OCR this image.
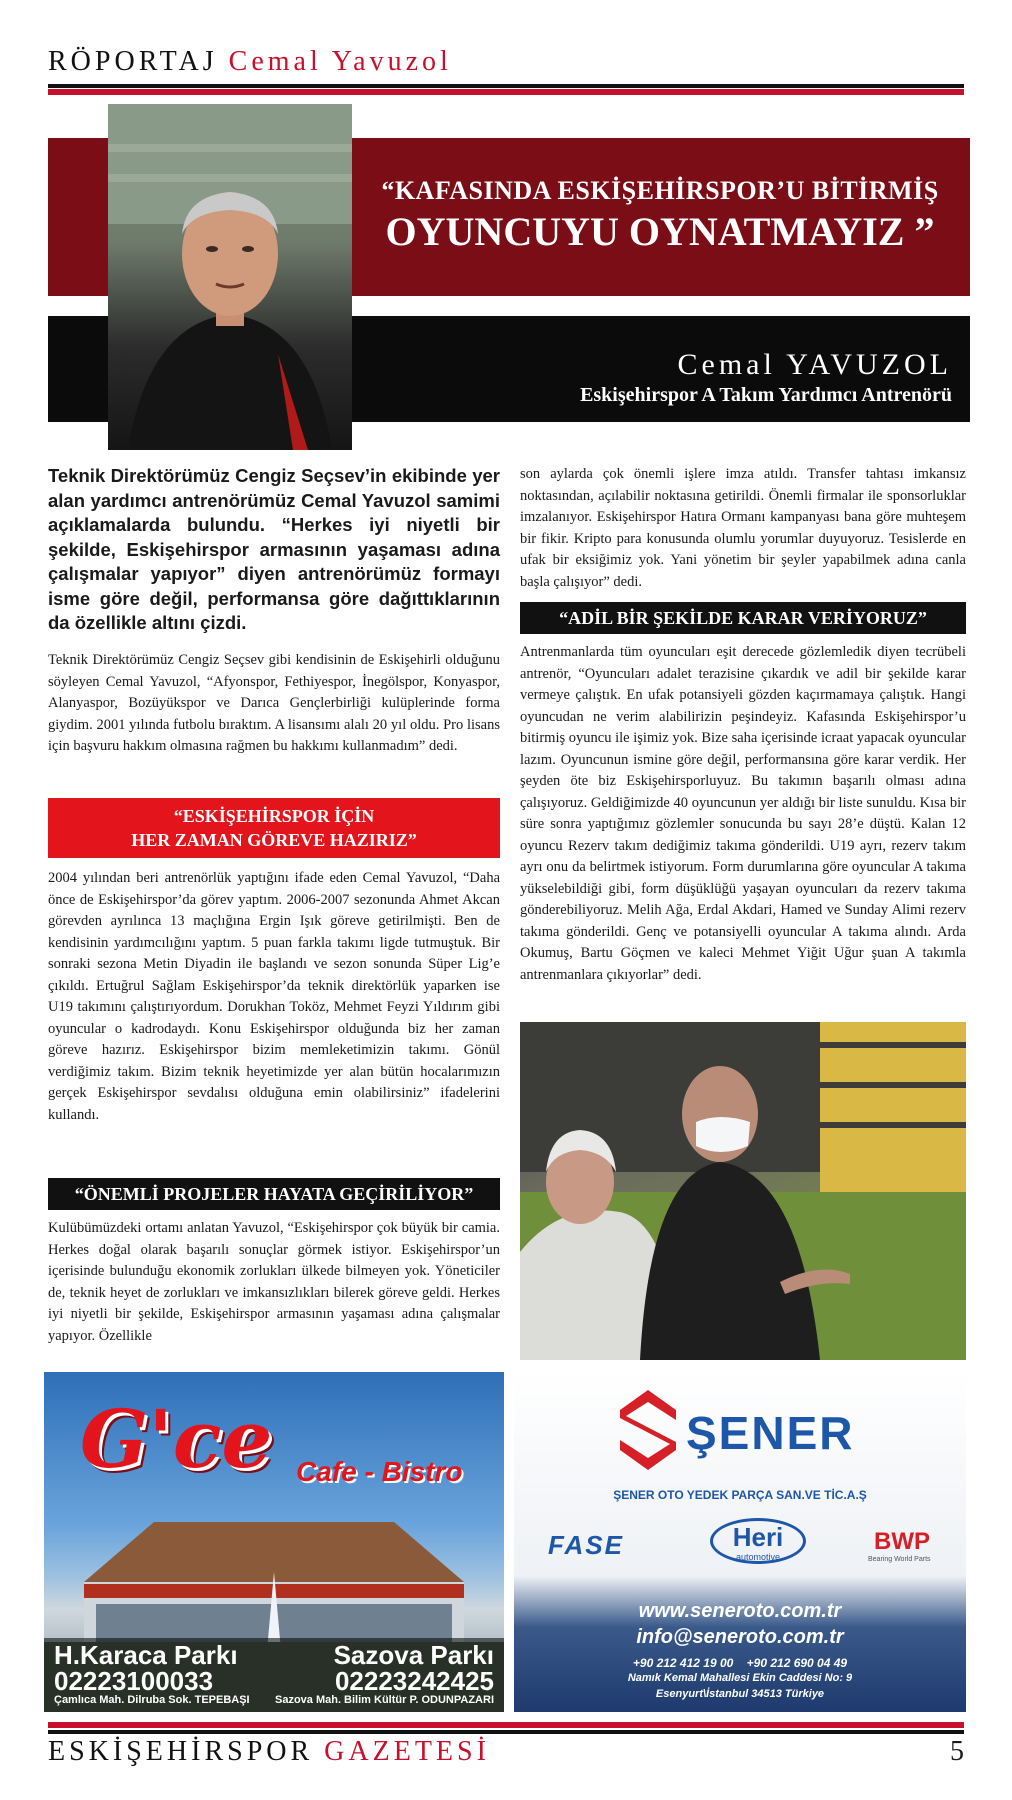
RÖPORTAJ Cemal Yavuzol
“KAFASINDA ESKİŞEHİRSPOR’U BİTİRMİŞ
OYUNCUYU OYNATMAYIZ ”
Cemal YAVUZOL
Eskişehirspor A Takım Yardımcı Antrenörü
Teknik Direktörümüz Cengiz Seçsev’in ekibinde yer alan yardımcı antrenörümüz Cemal Yavuzol samimi açıklamalarda bulundu. “Herkes iyi niyetli bir şekilde, Eskişehirspor armasının yaşaması adına çalışmalar yapıyor” diyen antrenörümüz formayı isme göre değil, performansa göre dağıttıklarının da özellikle altını çizdi.
Teknik Direktörümüz Cengiz Seçsev gibi kendisinin de Eskişehirli olduğunu söyleyen Cemal Yavuzol, “Afyonspor, Fethiyespor, İnegölspor, Konyaspor, Alanyaspor, Bozüyükspor ve Darıca Gençlerbirliği kulüplerinde forma giydim. 2001 yılında futbolu bıraktım. A lisansımı alalı 20 yıl oldu. Pro lisans için başvuru hakkım olmasına rağmen bu hakkımı kullanmadım” dedi.
“ESKİŞEHİRSPOR İÇİN
HER ZAMAN GÖREVE HAZIRIZ”
2004 yılından beri antrenörlük yaptığını ifade eden Cemal Yavuzol, “Daha önce de Eskişehirspor’da görev yaptım. 2006-2007 sezonunda Ahmet Akcan görevden ayrılınca 13 maçlığına Ergin Işık göreve getirilmişti. Ben de kendisinin yardımcılığını yaptım. 5 puan farkla takımı ligde tutmuştuk. Bir sonraki sezona Metin Diyadin ile başlandı ve sezon sonunda Süper Lig’e çıkıldı. Ertuğrul Sağlam Eskişehirspor’da teknik direktörlük yaparken ise U19 takımını çalıştırıyordum. Dorukhan Toköz, Mehmet Feyzi Yıldırım gibi oyuncular o kadrodaydı. Konu Eskişehirspor olduğunda biz her zaman göreve hazırız. Eskişehirspor bizim memleketimizin takımı. Gönül verdiğimiz takım. Bizim teknik heyetimizde yer alan bütün hocalarımızın gerçek Eskişehirspor sevdalısı olduğuna emin olabilirsiniz” ifadelerini kullandı.
“ÖNEMLİ PROJELER HAYATA GEÇİRİLİYOR”
Kulübümüzdeki ortamı anlatan Yavuzol, “Eskişehirspor çok büyük bir camia. Herkes doğal olarak başarılı sonuçlar görmek istiyor. Eskişehirspor’un içerisinde bulunduğu ekonomik zorlukları ülkede bilmeyen yok. Yöneticiler de, teknik heyet de zorlukları ve imkansızlıkları bilerek göreve geldi. Herkes iyi niyetli bir şekilde, Eskişehirspor armasının yaşaması adına çalışmalar yapıyor. Özellikle
son aylarda çok önemli işlere imza atıldı. Transfer tahtası imkansız noktasından, açılabilir noktasına getirildi. Önemli firmalar ile sponsorluklar imzalanıyor. Eskişehirspor Hatıra Ormanı kampanyası bana göre muhteşem bir fikir. Kripto para konusunda olumlu yorumlar duyuyoruz. Tesislerde en ufak bir eksiğimiz yok. Yani yönetim bir şeyler yapabilmek adına canla başla çalışıyor” dedi.
“ADİL BİR ŞEKİLDE KARAR VERİYORUZ”
Antrenmanlarda tüm oyuncuları eşit derecede gözlemledik diyen tecrübeli antrenör, “Oyuncuları adalet terazisine çıkardık ve adil bir şekilde karar vermeye çalıştık. En ufak potansiyeli gözden kaçırmamaya çalıştık. Hangi oyuncudan ne verim alabilirizin peşindeyiz. Kafasında Eskişehirspor’u bitirmiş oyuncu ile işimiz yok. Bize saha içerisinde icraat yapacak oyuncular lazım. Oyuncunun ismine göre değil, performansına göre karar verdik. Her şeyden öte biz Eskişehirsporluyuz. Bu takımın başarılı olması adına çalışıyoruz. Geldiğimizde 40 oyuncunun yer aldığı bir liste sunuldu. Kısa bir süre sonra yaptığımız gözlemler sonucunda bu sayı 28’e düştü. Kalan 12 oyuncu Rezerv takım dediğimiz takıma gönderildi. U19 ayrı, rezerv takım ayrı onu da belirtmek istiyorum. Form durumlarına göre oyuncular A takıma yükselebildiği gibi, form düşüklüğü yaşayan oyuncuları da rezerv takıma gönderebiliyoruz. Melih Ağa, Erdal Akdari, Hamed ve Sunday Alimi rezerv takıma gönderildi. Genç ve potansiyelli oyuncular A takıma alındı. Arda Okumuş, Bartu Göçmen ve kaleci Mehmet Yiğit Uğur şuan A takımla antrenmanlara çıkıyorlar” dedi.
G'ce Cafe - Bistro
H.Karaca Parkı
02223100033
Çamlıca Mah. Dilruba Sok. TEPEBAŞI
Sazova Parkı
02223242425
Sazova Mah. Bilim Kültür P. ODUNPAZARI
ŞENER
ŞENER OTO YEDEK PARÇA SAN.VE TİC.A.Ş
FASE	Heri
automotive
BWP
Bearing World Parts
www.seneroto.com.tr
info@seneroto.com.tr
+90 212 412 19 00    +90 212 690 04 49
Namık Kemal Mahallesi Ekin Caddesi No: 9
Esenyurt\İstanbul 34513 Türkiye
ESKİŞEHİRSPOR GAZETESİ	5
